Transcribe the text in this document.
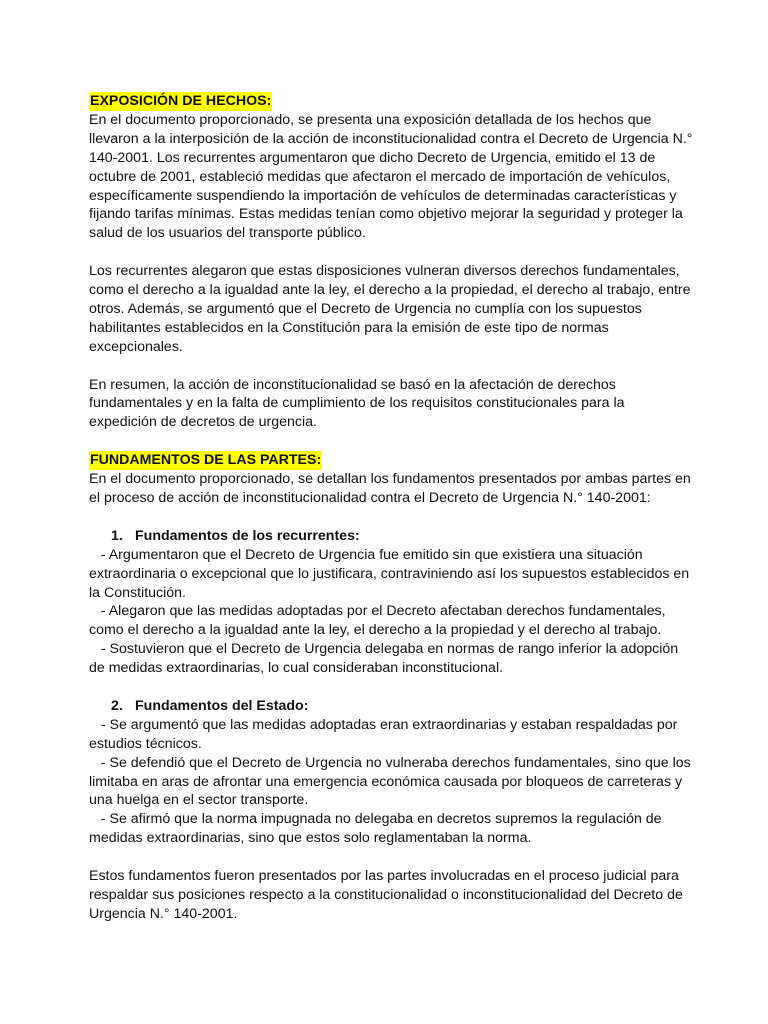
EXPOSICIÓN DE HECHOS:
En el documento proporcionado, se presenta una exposición detallada de los hechos que
llevaron a la interposición de la acción de inconstitucionalidad contra el Decreto de Urgencia N.°
140-2001. Los recurrentes argumentaron que dicho Decreto de Urgencia, emitido el 13 de
octubre de 2001, estableció medidas que afectaron el mercado de importación de vehículos,
específicamente suspendiendo la importación de vehículos de determinadas características y
fijando tarifas mínimas. Estas medidas tenían como objetivo mejorar la seguridad y proteger la
salud de los usuarios del transporte público.
Los recurrentes alegaron que estas disposiciones vulneran diversos derechos fundamentales,
como el derecho a la igualdad ante la ley, el derecho a la propiedad, el derecho al trabajo, entre
otros. Además, se argumentó que el Decreto de Urgencia no cumplía con los supuestos
habilitantes establecidos en la Constitución para la emisión de este tipo de normas
excepcionales.
En resumen, la acción de inconstitucionalidad se basó en la afectación de derechos
fundamentales y en la falta de cumplimiento de los requisitos constitucionales para la
expedición de decretos de urgencia.
FUNDAMENTOS DE LAS PARTES:
En el documento proporcionado, se detallan los fundamentos presentados por ambas partes en
el proceso de acción de inconstitucionalidad contra el Decreto de Urgencia N.° 140-2001:
1. Fundamentos de los recurrentes:
- Argumentaron que el Decreto de Urgencia fue emitido sin que existiera una situación
extraordinaria o excepcional que lo justificara, contraviniendo así los supuestos establecidos en
la Constitución.
- Alegaron que las medidas adoptadas por el Decreto afectaban derechos fundamentales,
como el derecho a la igualdad ante la ley, el derecho a la propiedad y el derecho al trabajo.
- Sostuvieron que el Decreto de Urgencia delegaba en normas de rango inferior la adopción
de medidas extraordinarias, lo cual consideraban inconstitucional.
2. Fundamentos del Estado:
- Se argumentó que las medidas adoptadas eran extraordinarias y estaban respaldadas por
estudios técnicos.
- Se defendió que el Decreto de Urgencia no vulneraba derechos fundamentales, sino que los
limitaba en aras de afrontar una emergencia económica causada por bloqueos de carreteras y
una huelga en el sector transporte.
- Se afirmó que la norma impugnada no delegaba en decretos supremos la regulación de
medidas extraordinarias, sino que estos solo reglamentaban la norma.
Estos fundamentos fueron presentados por las partes involucradas en el proceso judicial para
respaldar sus posiciones respecto a la constitucionalidad o inconstitucionalidad del Decreto de
Urgencia N.° 140-2001.
